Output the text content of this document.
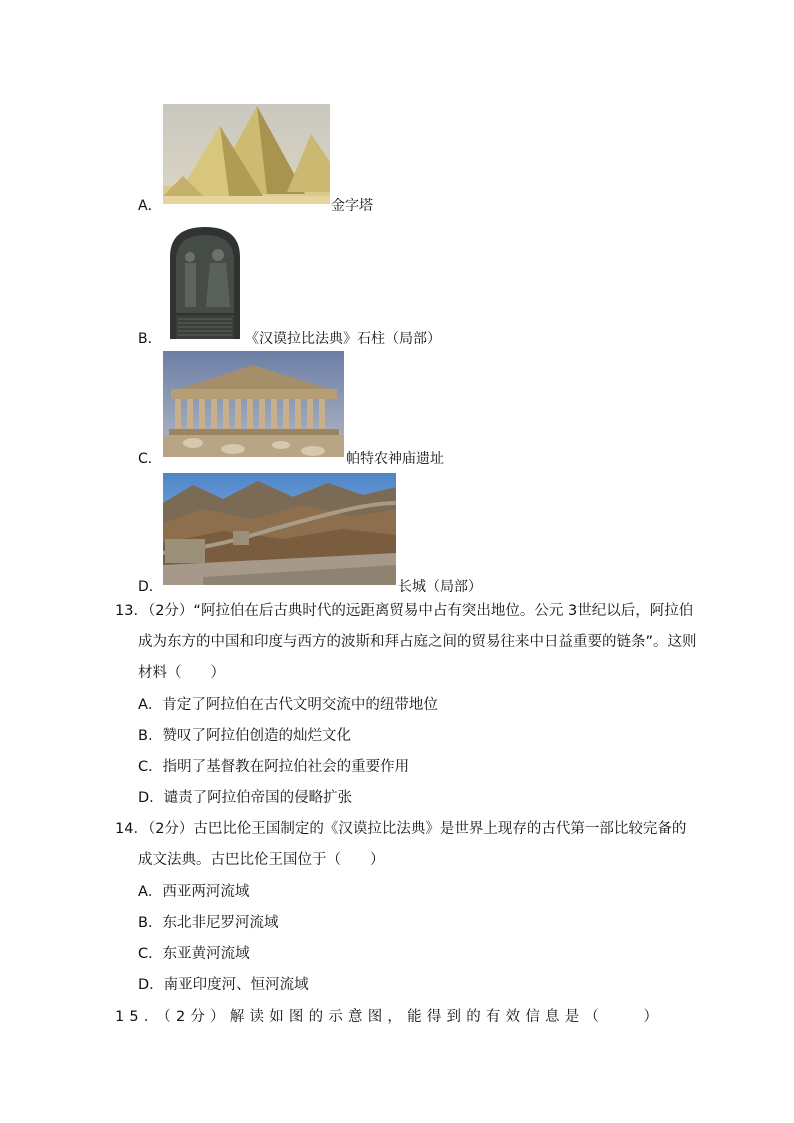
A．	金字塔
B．	《汉谟拉比法典》石柱（局部）
C．	帕特农神庙遗址
D．	长城（局部）
13．（2分）“阿拉伯在后古典时代的远距离贸易中占有突出地位。公元 3世纪以后，阿拉伯
成为东方的中国和印度与西方的波斯和拜占庭之间的贸易往来中日益重要的链条”。这则
材料（　　）
A．肯定了阿拉伯在古代文明交流中的纽带地位
B．赞叹了阿拉伯创造的灿烂文化
C．指明了基督教在阿拉伯社会的重要作用
D．谴责了阿拉伯帝国的侵略扩张
14．（2分）古巴比伦王国制定的《汉谟拉比法典》是世界上现存的古代第一部比较完备的
成文法典。古巴比伦王国位于（　　）
A．西亚两河流域
B．东北非尼罗河流域
C．东亚黄河流域
D．南亚印度河、恒河流域
15．（2分）解读如图的示意图，能得到的有效信息是（　　）
